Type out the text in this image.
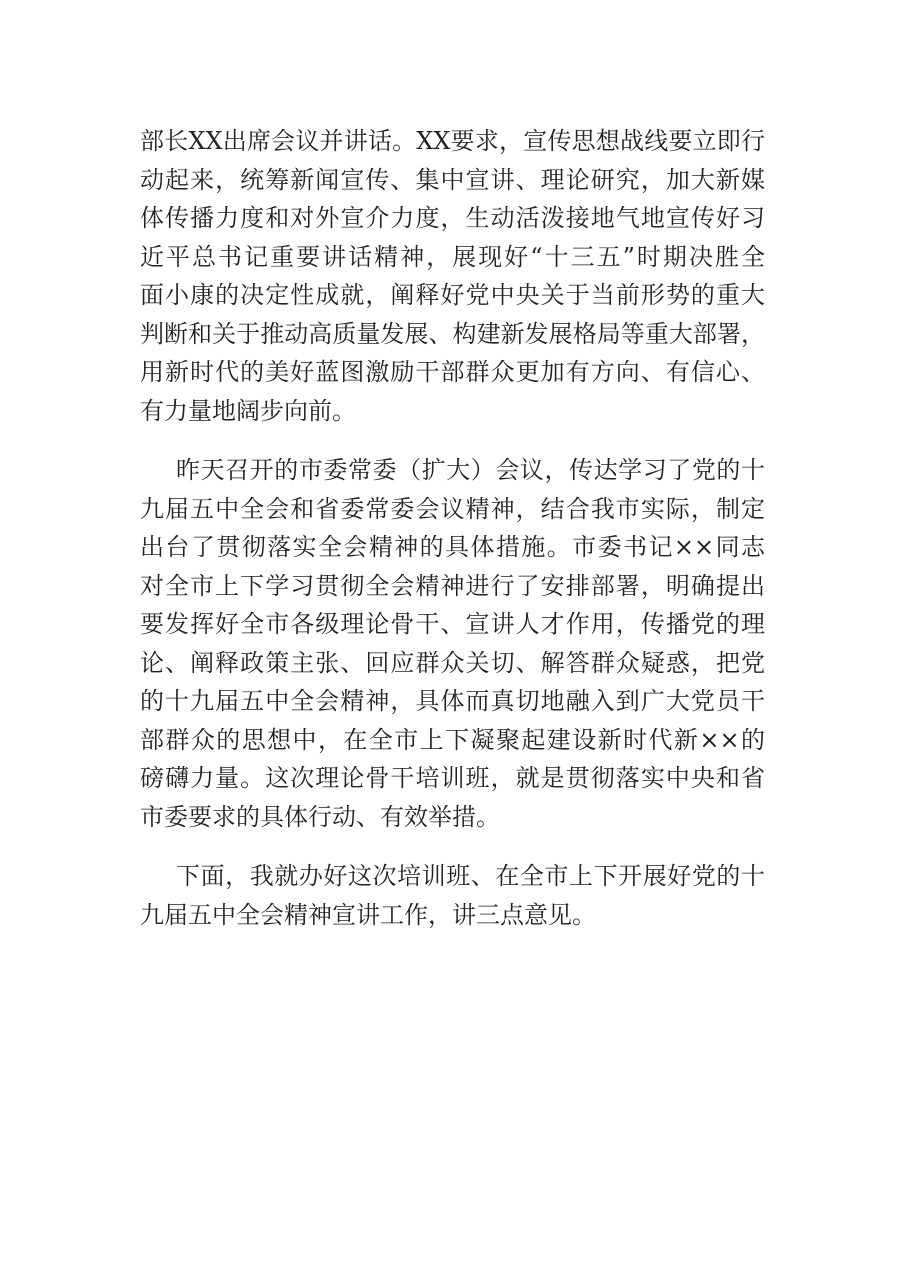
部长XX出席会议并讲话。XX要求，宣传思想战线要立即行
动起来，统筹新闻宣传、集中宣讲、理论研究，加大新媒
体传播力度和对外宣介力度，生动活泼接地气地宣传好习
近平总书记重要讲话精神，展现好“十三五”时期决胜全
面小康的决定性成就，阐释好党中央关于当前形势的重大
判断和关于推动高质量发展、构建新发展格局等重大部署，
用新时代的美好蓝图激励干部群众更加有方向、有信心、
有力量地阔步向前。
昨天召开的市委常委（扩大）会议，传达学习了党的十
九届五中全会和省委常委会议精神，结合我市实际，制定
出台了贯彻落实全会精神的具体措施。市委书记××同志
对全市上下学习贯彻全会精神进行了安排部署，明确提出
要发挥好全市各级理论骨干、宣讲人才作用，传播党的理
论、阐释政策主张、回应群众关切、解答群众疑惑，把党
的十九届五中全会精神，具体而真切地融入到广大党员干
部群众的思想中，在全市上下凝聚起建设新时代新××的
磅礴力量。这次理论骨干培训班，就是贯彻落实中央和省
市委要求的具体行动、有效举措。
下面，我就办好这次培训班、在全市上下开展好党的十
九届五中全会精神宣讲工作，讲三点意见。
